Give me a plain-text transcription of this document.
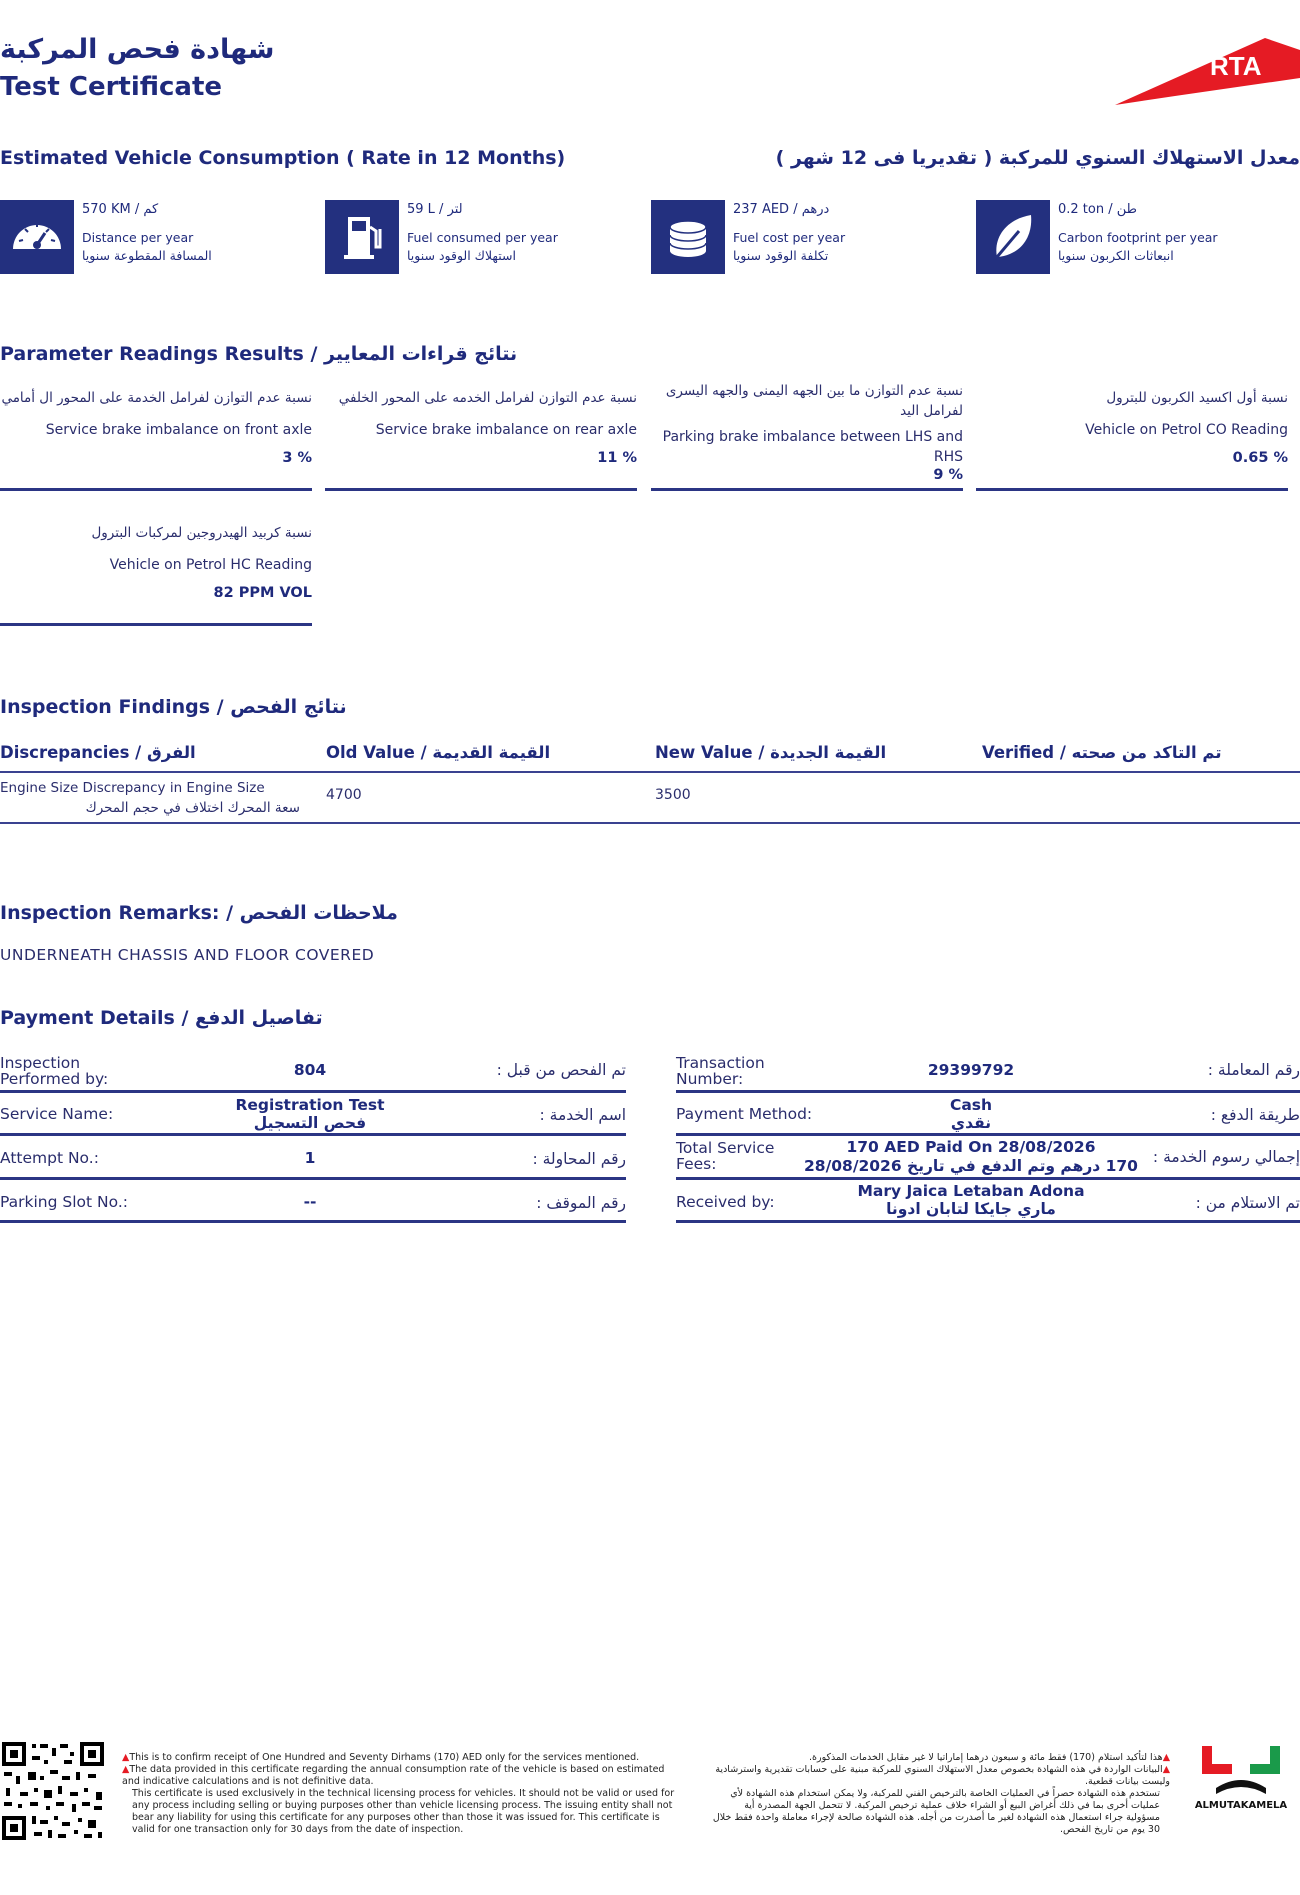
شهادة فحص المركبة
Test Certificate
RTA
Estimated Vehicle Consumption ( Rate in 12 Months)	معدل الاستهلاك السنوي للمركبة ( تقديريا فى 12 شهر )
570 KM / كم
Distance per year
المسافة المقطوعة سنويا
59 L / لتر
Fuel consumed per year
استهلاك الوقود سنويا
237 AED / درهم
Fuel cost per year
تكلفة الوقود سنويا
0.2 ton / طن
Carbon footprint per year
انبعاثات الكربون سنويا
Parameter Readings Results / نتائج قراءات المعايير
نسبة عدم التوازن لفرامل الخدمة على المحور ال أمامي
Service brake imbalance on front axle
3 %
نسبة عدم التوازن لفرامل الخدمه على المحور الخلفي
Service brake imbalance on rear axle
11 %
نسبة عدم التوازن ما بين الجهه اليمنى والجهه اليسرى لفرامل اليد
Parking brake imbalance between LHS and RHS
9 %
نسبة أول اكسيد الكربون للبترول
Vehicle on Petrol CO Reading
0.65 %
نسبة كربيد الهيدروجين لمركبات البترول
Vehicle on Petrol HC Reading
82 PPM VOL
Inspection Findings / نتائج الفحص
Discrepancies / الفرق	Old Value / القيمة القديمة	New Value / القيمة الجديدة	Verified / تم التاكد من صحته
Engine Size Discrepancy in Engine Size
سعة المحرك اختلاف في حجم المحرك
4700	3500
Inspection Remarks: / ملاحظات الفحص
UNDERNEATH CHASSIS AND FLOOR COVERED
Payment Details / تفاصيل الدفع
Inspection Performed by:	804	تم الفحص من قبل :
Service Name:	Registration Test
فحص التسجيل	اسم الخدمة :
Attempt No.:	1	رقم المحاولة :
Parking Slot No.:	--	رقم الموقف :
Transaction Number:	29399792	رقم المعاملة :
Payment Method:	Cash
نقدي	طريقة الدفع :
Total Service Fees:
170 AED Paid On 28/08/2026
170 درهم وتم الدفع في تاريخ 28/08/2026 إجمالي رسوم الخدمة :
Received by:
Mary Jaica Letaban Adona
ماري جايكا لتابان ادونا	تم الاستلام من :
▲This is to confirm receipt of One Hundred and Seventy Dirhams (170) AED only for the services mentioned.
▲The data provided in this certificate regarding the annual consumption rate of the vehicle is based on estimated and indicative calculations and is not definitive data.
This certificate is used exclusively in the technical licensing process for vehicles. It should not be valid or used for any process including selling or buying purposes other than vehicle licensing process. The issuing entity shall not bear any liability for using this certificate for any purposes other than those it was issued for. This certificate is valid for one transaction only for 30 days from the date of inspection.
▲هذا لتأكيد استلام (170) فقط مائة و سبعون درهما إماراتيا لا غير مقابل الخدمات المذكورة.
▲البيانات الواردة في هذه الشهادة بخصوص معدل الاستهلاك السنوي للمركبة مبنية على حسابات تقديرية واسترشادية وليست بيانات قطعية.
تستخدم هذه الشهادة حصراً في العمليات الخاصة بالترخيص الفني للمركبة، ولا يمكن استخدام هذه الشهادة لأي عمليات أخرى بما في ذلك أغراض البيع أو الشراء خلاف عملية ترخيص المركبة. لا تتحمل الجهة المصدرة أية مسؤولية جراء استعمال هذه الشهادة لغير ما أصدرت من أجله. هذه الشهادة صالحة لإجراء معاملة واحدة فقط خلال 30 يوم من تاريخ الفحص.
ALMUTAKAMELA
